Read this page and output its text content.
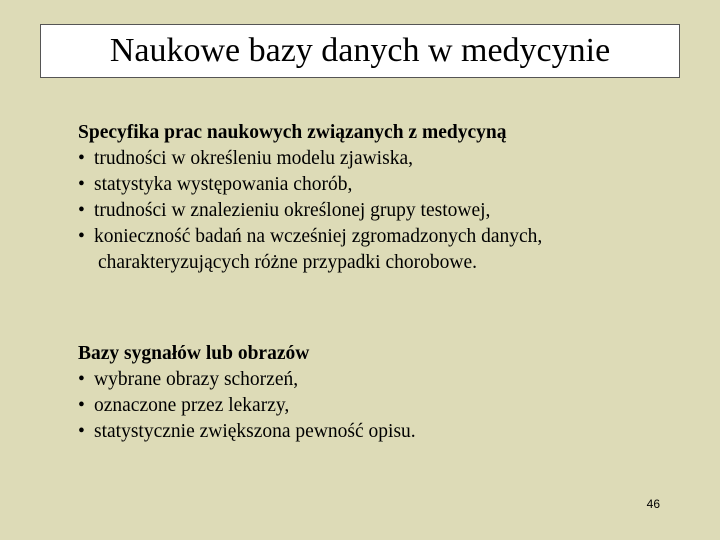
Naukowe bazy danych w medycynie
Specyfika prac naukowych związanych z medycyną
• trudności w określeniu modelu zjawiska,
• statystyka występowania chorób,
• trudności w znalezieniu określonej grupy testowej,
• konieczność badań na wcześniej zgromadzonych danych,
charakteryzujących różne przypadki chorobowe.
Bazy sygnałów lub obrazów
• wybrane obrazy schorzeń,
• oznaczone przez lekarzy,
• statystycznie zwiększona pewność opisu.
46
